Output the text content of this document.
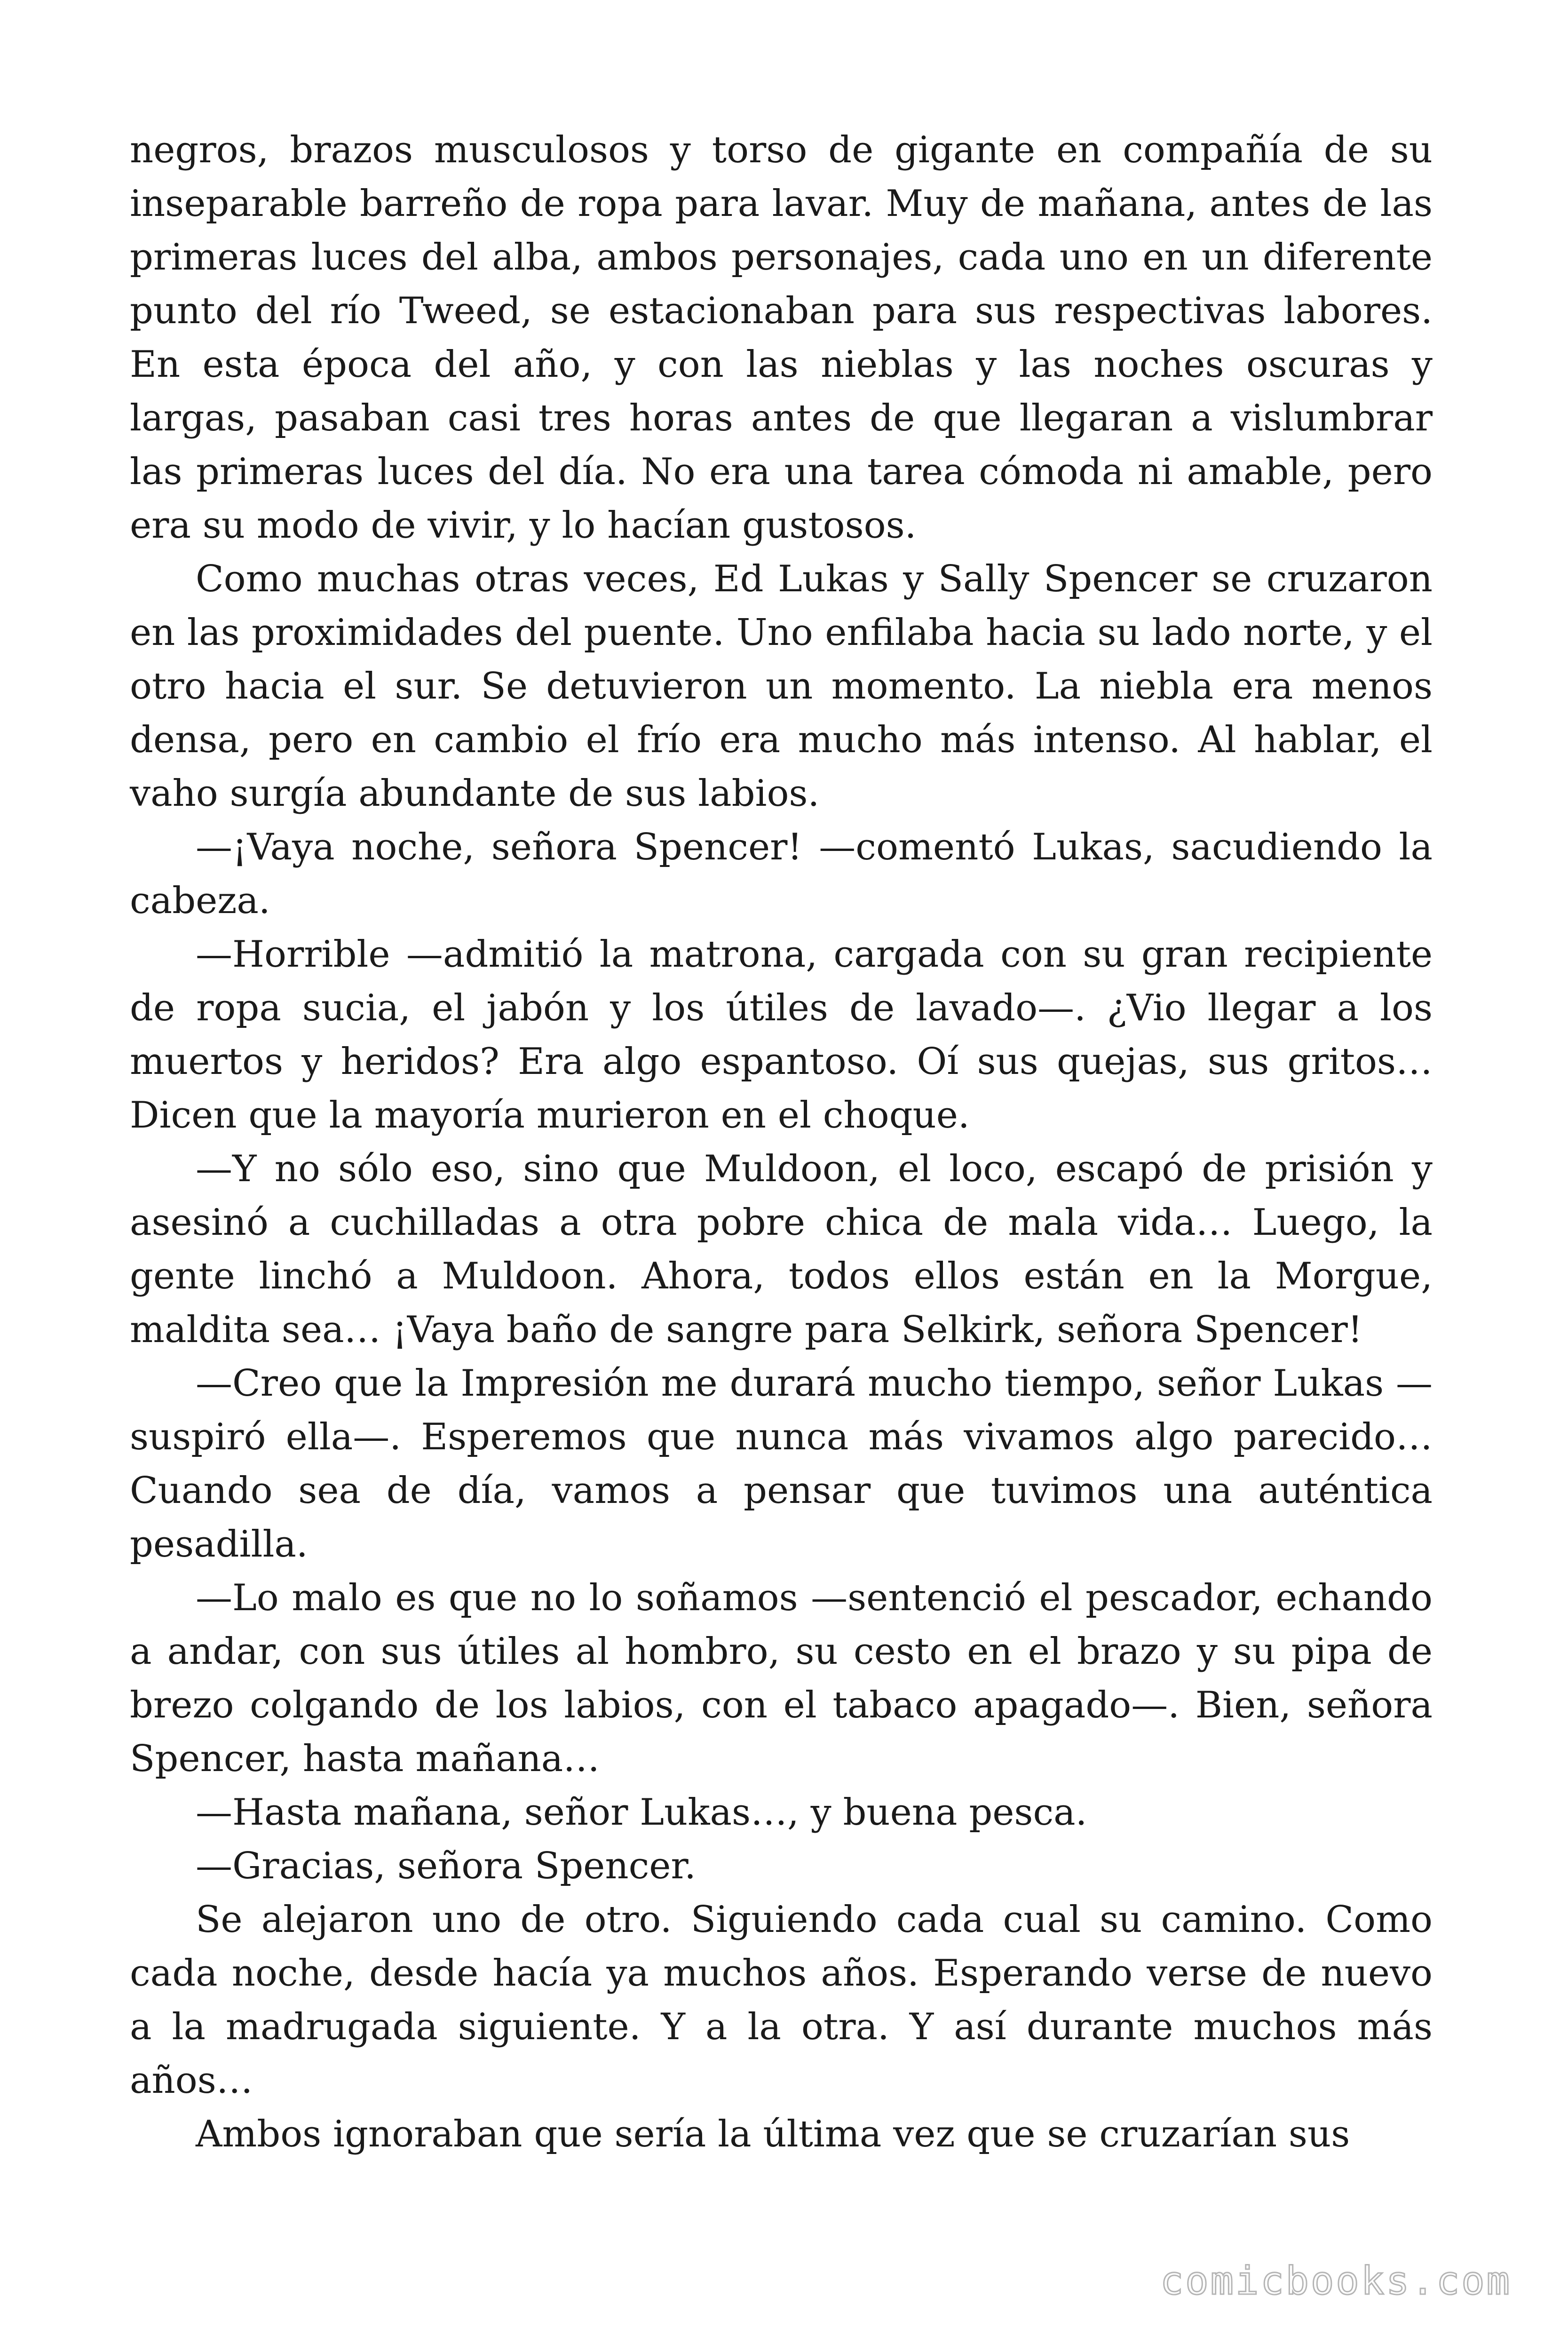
negros, brazos musculosos y torso de gigante en compañía de su inseparable barreño de ropa para lavar. Muy de mañana, antes de las primeras luces del alba, ambos personajes, cada uno en un diferente punto del río Tweed, se estacionaban para sus respectivas labores. En esta época del año, y con las nieblas y las noches oscuras y largas, pasaban casi tres horas antes de que llegaran a vislumbrar las primeras luces del día. No era una tarea cómoda ni amable, pero era su modo de vivir, y lo hacían gustosos.

Como muchas otras veces, Ed Lukas y Sally Spencer se cruzaron en las proximidades del puente. Uno enfilaba hacia su lado norte, y el otro hacia el sur. Se detuvieron un momento. La niebla era menos densa, pero en cambio el frío era mucho más intenso. Al hablar, el vaho surgía abundante de sus labios.

—¡Vaya noche, señora Spencer! —comentó Lukas, sacudiendo la cabeza.

—Horrible —admitió la matrona, cargada con su gran recipiente de ropa sucia, el jabón y los útiles de lavado—. ¿Vio llegar a los muertos y heridos? Era algo espantoso. Oí sus quejas, sus gritos… Dicen que la mayoría murieron en el choque.

—Y no sólo eso, sino que Muldoon, el loco, escapó de prisión y asesinó a cuchilladas a otra pobre chica de mala vida… Luego, la gente linchó a Muldoon. Ahora, todos ellos están en la Morgue, maldita sea… ¡Vaya baño de sangre para Selkirk, señora Spencer!

—Creo que la Impresión me durará mucho tiempo, señor Lukas —suspiró ella—. Esperemos que nunca más vivamos algo parecido… Cuando sea de día, vamos a pensar que tuvimos una auténtica pesadilla.

—Lo malo es que no lo soñamos —sentenció el pescador, echando a andar, con sus útiles al hombro, su cesto en el brazo y su pipa de brezo colgando de los labios, con el tabaco apagado—. Bien, señora Spencer, hasta mañana…

—Hasta mañana, señor Lukas…, y buena pesca.

—Gracias, señora Spencer.

Se alejaron uno de otro. Siguiendo cada cual su camino. Como cada noche, desde hacía ya muchos años. Esperando verse de nuevo a la madrugada siguiente. Y a la otra. Y así durante muchos más años…

Ambos ignoraban que sería la última vez que se cruzarían sus

comicbooks.com
